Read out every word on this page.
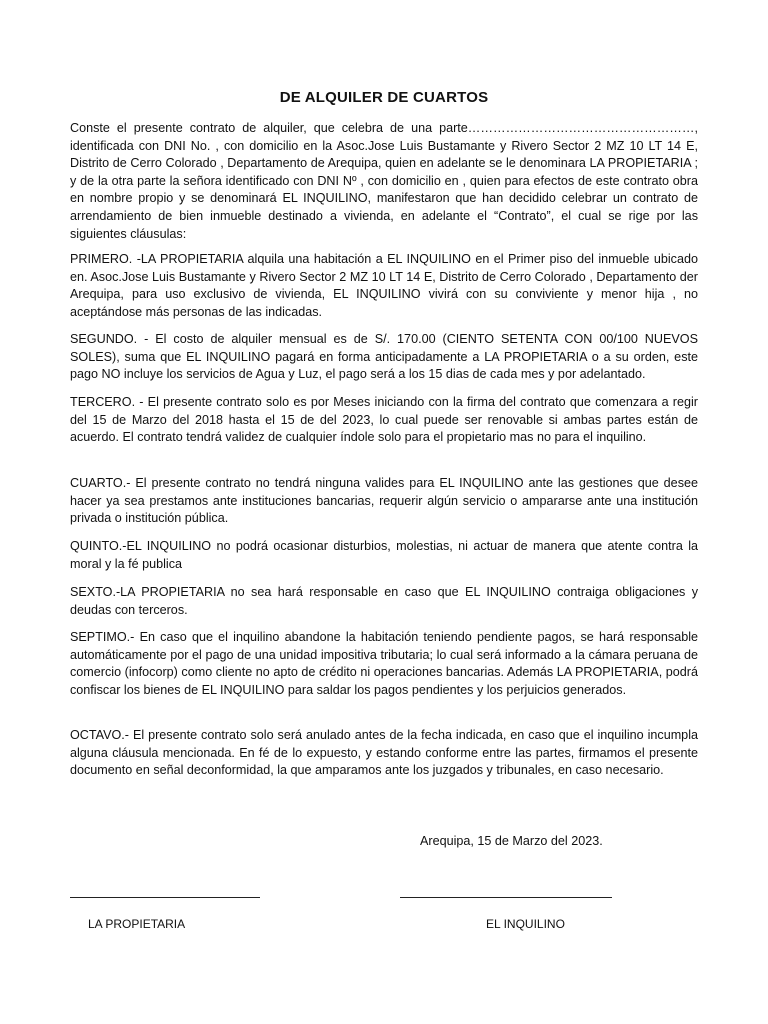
DE ALQUILER DE CUARTOS
Conste el presente contrato de alquiler, que celebra de una parte………………………………………………, identificada con DNI No. , con domicilio en la Asoc.Jose Luis Bustamante y Rivero Sector 2 MZ 10 LT 14 E, Distrito de Cerro Colorado , Departamento de Arequipa, quien en adelante se le denominara LA PROPIETARIA ; y de la otra parte la señora identificado con DNI Nº , con domicilio en , quien para efectos de este contrato obra en nombre propio y se denominará EL INQUILINO, manifestaron que han decidido celebrar un contrato de arrendamiento de bien inmueble destinado a vivienda, en adelante el “Contrato”, el cual se rige por las siguientes cláusulas:
PRIMERO. -LA PROPIETARIA alquila una habitación a EL INQUILINO en el Primer piso del inmueble ubicado en. Asoc.Jose Luis Bustamante y Rivero Sector 2 MZ 10 LT 14 E, Distrito de Cerro Colorado , Departamento der Arequipa, para uso exclusivo de vivienda, EL INQUILINO vivirá con su conviviente y menor hija , no aceptándose más personas de las indicadas.
SEGUNDO. - El costo de alquiler mensual es de S/. 170.00 (CIENTO SETENTA CON 00/100 NUEVOS SOLES), suma que EL INQUILINO pagará en forma anticipadamente a LA PROPIETARIA o a su orden, este pago NO incluye los servicios de Agua y Luz, el pago será a los 15 dias de cada mes y por adelantado.
TERCERO. - El presente contrato solo es por Meses iniciando con la firma del contrato que comenzara a regir del 15 de Marzo del 2018 hasta el 15 de del 2023, lo cual puede ser renovable si ambas partes están de acuerdo. El contrato tendrá validez de cualquier índole solo para el propietario mas no para el inquilino.
CUARTO.- El presente contrato no tendrá ninguna valides para EL INQUILINO ante las gestiones que desee hacer ya sea prestamos ante instituciones bancarias, requerir algún servicio o ampararse ante una institución privada o institución pública.
QUINTO.-EL INQUILINO no podrá ocasionar disturbios, molestias, ni actuar de manera que atente contra la moral y la fé publica
SEXTO.-LA PROPIETARIA no sea hará responsable en caso que EL INQUILINO contraiga obligaciones y deudas con terceros.
SEPTIMO.- En caso que el inquilino abandone la habitación teniendo pendiente pagos, se hará responsable automáticamente por el pago de una unidad impositiva tributaria; lo cual será informado a la cámara peruana de comercio (infocorp) como cliente no apto de crédito ni operaciones bancarias. Además LA PROPIETARIA, podrá confiscar los bienes de EL INQUILINO para saldar los pagos pendientes y los perjuicios generados.
OCTAVO.- El presente contrato solo será anulado antes de la fecha indicada, en caso que el inquilino incumpla alguna cláusula mencionada. En fé de lo expuesto, y estando conforme entre las partes, firmamos el presente documento en señal deconformidad, la que amparamos ante los juzgados y tribunales, en caso necesario.
Arequipa, 15 de Marzo del 2023.
LA PROPIETARIA	EL INQUILINO
